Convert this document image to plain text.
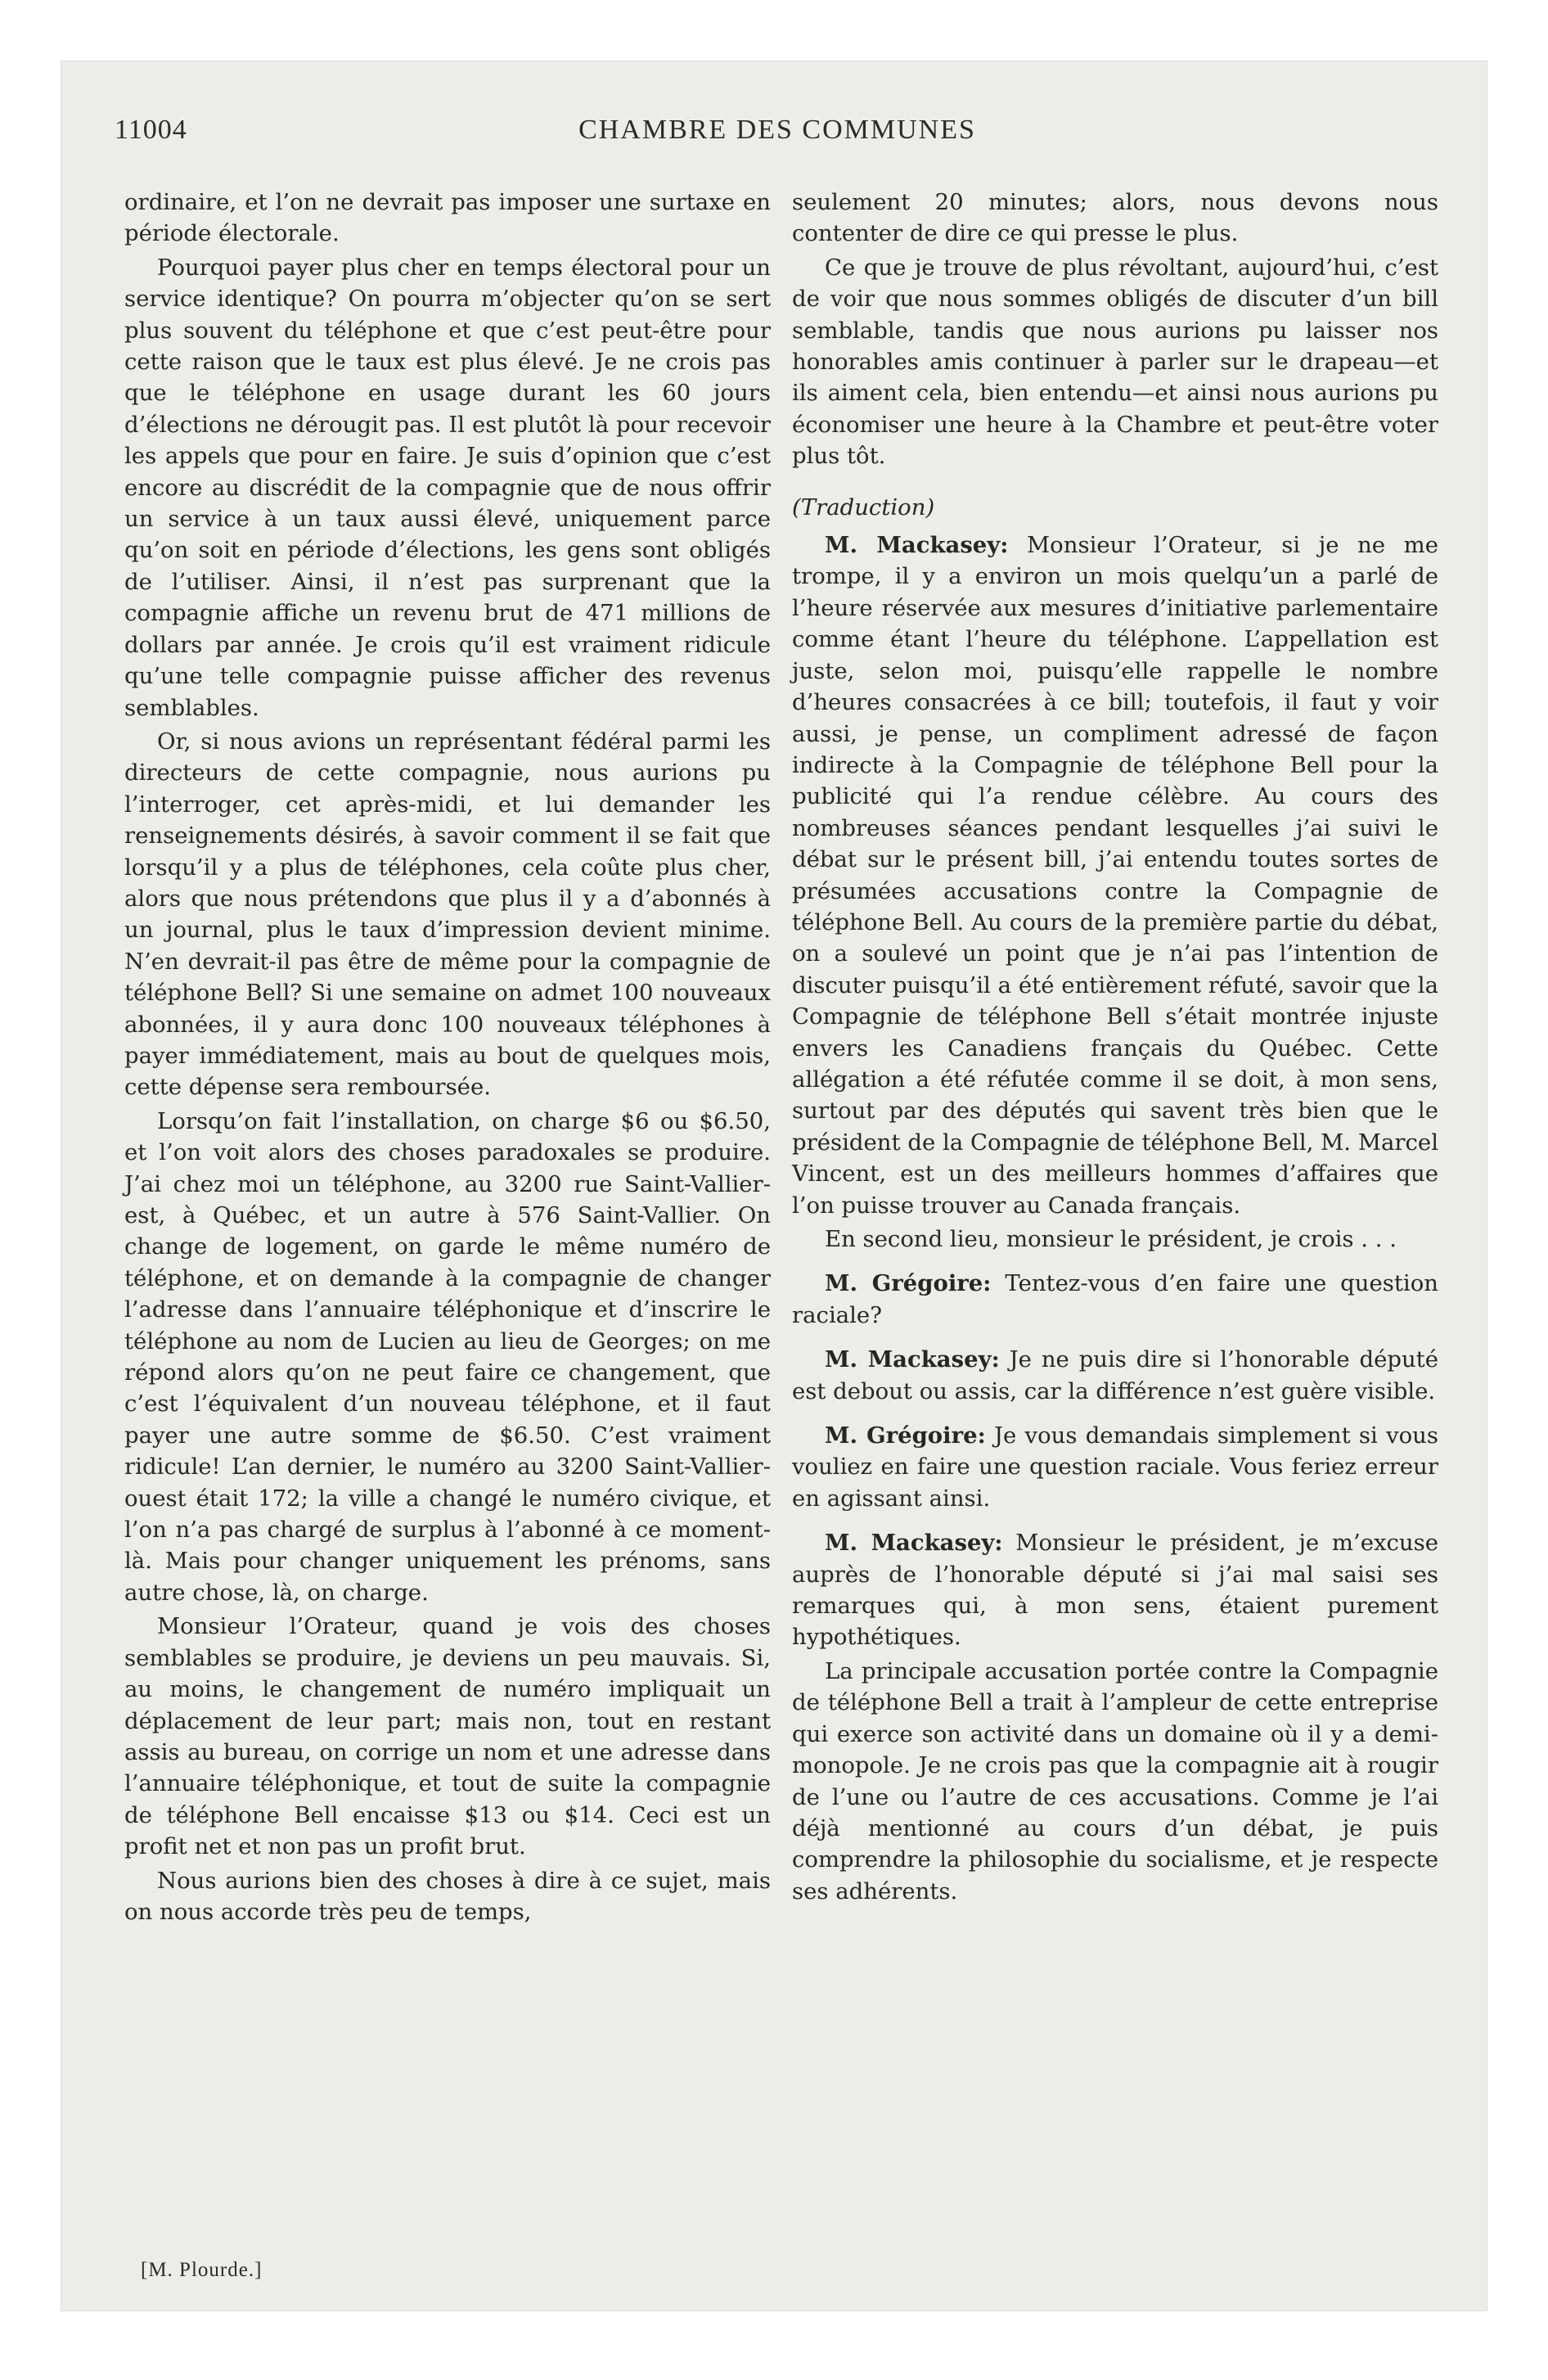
11004	CHAMBRE DES COMMUNES

ordinaire, et l’on ne devrait pas imposer une surtaxe en période électorale.

Pourquoi payer plus cher en temps électoral pour un service identique? On pourra m’objecter qu’on se sert plus souvent du téléphone et que c’est peut-être pour cette raison que le taux est plus élevé. Je ne crois pas que le téléphone en usage durant les 60 jours d’élections ne dérougit pas. Il est plutôt là pour recevoir les appels que pour en faire. Je suis d’opinion que c’est encore au discrédit de la compagnie que de nous offrir un service à un taux aussi élevé, uniquement parce qu’on soit en période d’élections, les gens sont obligés de l’utiliser. Ainsi, il n’est pas surprenant que la compagnie affiche un revenu brut de 471 millions de dollars par année. Je crois qu’il est vraiment ridicule qu’une telle compagnie puisse afficher des revenus semblables.

Or, si nous avions un représentant fédéral parmi les directeurs de cette compagnie, nous aurions pu l’interroger, cet après-midi, et lui demander les renseignements désirés, à savoir comment il se fait que lorsqu’il y a plus de téléphones, cela coûte plus cher, alors que nous prétendons que plus il y a d’abonnés à un journal, plus le taux d’impression devient minime. N’en devrait-il pas être de même pour la compagnie de téléphone Bell? Si une semaine on admet 100 nouveaux abonnées, il y aura donc 100 nouveaux téléphones à payer immédiatement, mais au bout de quelques mois, cette dépense sera remboursée.

Lorsqu’on fait l’installation, on charge $6 ou $6.50, et l’on voit alors des choses paradoxales se produire. J’ai chez moi un téléphone, au 3200 rue Saint-Vallier-est, à Québec, et un autre à 576 Saint-Vallier. On change de logement, on garde le même numéro de téléphone, et on demande à la compagnie de changer l’adresse dans l’annuaire téléphonique et d’inscrire le téléphone au nom de Lucien au lieu de Georges; on me répond alors qu’on ne peut faire ce changement, que c’est l’équivalent d’un nouveau téléphone, et il faut payer une autre somme de $6.50. C’est vraiment ridicule! L’an dernier, le numéro au 3200 Saint-Vallier-ouest était 172; la ville a changé le numéro civique, et l’on n’a pas chargé de surplus à l’abonné à ce moment-là. Mais pour changer uniquement les prénoms, sans autre chose, là, on charge.

Monsieur l’Orateur, quand je vois des choses semblables se produire, je deviens un peu mauvais. Si, au moins, le changement de numéro impliquait un déplacement de leur part; mais non, tout en restant assis au bureau, on corrige un nom et une adresse dans l’annuaire téléphonique, et tout de suite la compagnie de téléphone Bell encaisse $13 ou $14. Ceci est un profit net et non pas un profit brut.

Nous aurions bien des choses à dire à ce sujet, mais on nous accorde très peu de temps,

seulement 20 minutes; alors, nous devons nous contenter de dire ce qui presse le plus.

Ce que je trouve de plus révoltant, aujourd’hui, c’est de voir que nous sommes obligés de discuter d’un bill semblable, tandis que nous aurions pu laisser nos honorables amis continuer à parler sur le drapeau—et ils aiment cela, bien entendu—et ainsi nous aurions pu économiser une heure à la Chambre et peut-être voter plus tôt.

(Traduction)

M. Mackasey: Monsieur l’Orateur, si je ne me trompe, il y a environ un mois quelqu’un a parlé de l’heure réservée aux mesures d’initiative parlementaire comme étant l’heure du téléphone. L’appellation est juste, selon moi, puisqu’elle rappelle le nombre d’heures consacrées à ce bill; toutefois, il faut y voir aussi, je pense, un compliment adressé de façon indirecte à la Compagnie de téléphone Bell pour la publicité qui l’a rendue célèbre. Au cours des nombreuses séances pendant lesquelles j’ai suivi le débat sur le présent bill, j’ai entendu toutes sortes de présumées accusations contre la Compagnie de téléphone Bell. Au cours de la première partie du débat, on a soulevé un point que je n’ai pas l’intention de discuter puisqu’il a été entièrement réfuté, savoir que la Compagnie de téléphone Bell s’était montrée injuste envers les Canadiens français du Québec. Cette allégation a été réfutée comme il se doit, à mon sens, surtout par des députés qui savent très bien que le président de la Compagnie de téléphone Bell, M. Marcel Vincent, est un des meilleurs hommes d’affaires que l’on puisse trouver au Canada français.

En second lieu, monsieur le président, je crois . . .

M. Grégoire: Tentez-vous d’en faire une question raciale?

M. Mackasey: Je ne puis dire si l’honorable député est debout ou assis, car la différence n’est guère visible.

M. Grégoire: Je vous demandais simplement si vous vouliez en faire une question raciale. Vous feriez erreur en agissant ainsi.

M. Mackasey: Monsieur le président, je m’excuse auprès de l’honorable député si j’ai mal saisi ses remarques qui, à mon sens, étaient purement hypothétiques.

La principale accusation portée contre la Compagnie de téléphone Bell a trait à l’ampleur de cette entreprise qui exerce son activité dans un domaine où il y a demi-monopole. Je ne crois pas que la compagnie ait à rougir de l’une ou l’autre de ces accusations. Comme je l’ai déjà mentionné au cours d’un débat, je puis comprendre la philosophie du socialisme, et je respecte ses adhérents.

[M. Plourde.]
